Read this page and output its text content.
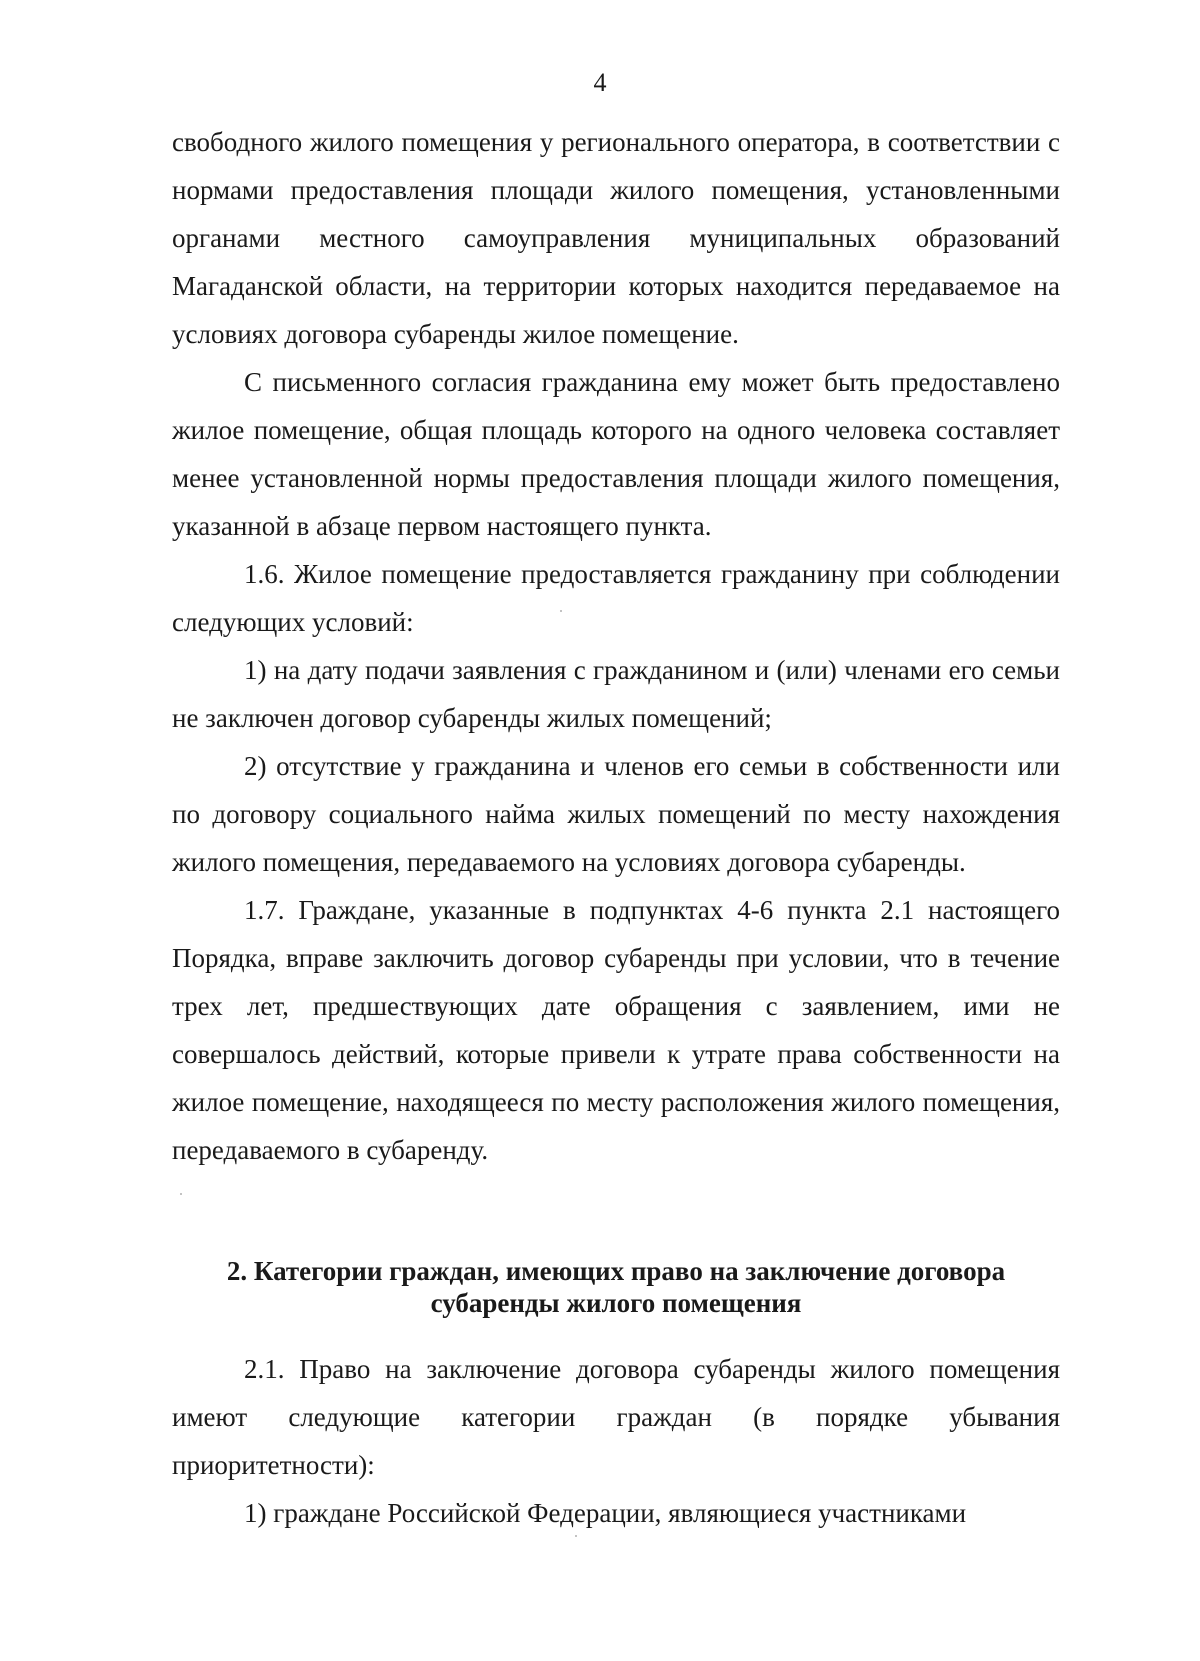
4

свободного жилого помещения у регионального оператора, в соответствии с нормами предоставления площади жилого помещения, установленными органами местного самоуправления муниципальных образований Магаданской области, на территории которых находится передаваемое на условиях договора субаренды жилое помещение.

С письменного согласия гражданина ему может быть предоставлено жилое помещение, общая площадь которого на одного человека составляет менее установленной нормы предоставления площади жилого помещения, указанной в абзаце первом настоящего пункта.

1.6. Жилое помещение предоставляется гражданину при соблюдении следующих условий:

1) на дату подачи заявления с гражданином и (или) членами его семьи не заключен договор субаренды жилых помещений;

2) отсутствие у гражданина и членов его семьи в собственности или по договору социального найма жилых помещений по месту нахождения жилого помещения, передаваемого на условиях договора субаренды.

1.7. Граждане, указанные в подпунктах 4-6 пункта 2.1 настоящего Порядка, вправе заключить договор субаренды при условии, что в течение трех лет, предшествующих дате обращения с заявлением, ими не совершалось действий, которые привели к утрате права собственности на жилое помещение, находящееся по месту расположения жилого помещения, передаваемого в субаренду.

2. Категории граждан, имеющих право на заключение договора
субаренды жилого помещения

2.1. Право на заключение договора субаренды жилого помещения имеют следующие категории граждан (в порядке убывания приоритетности):

1) граждане Российской Федерации, являющиеся участниками
